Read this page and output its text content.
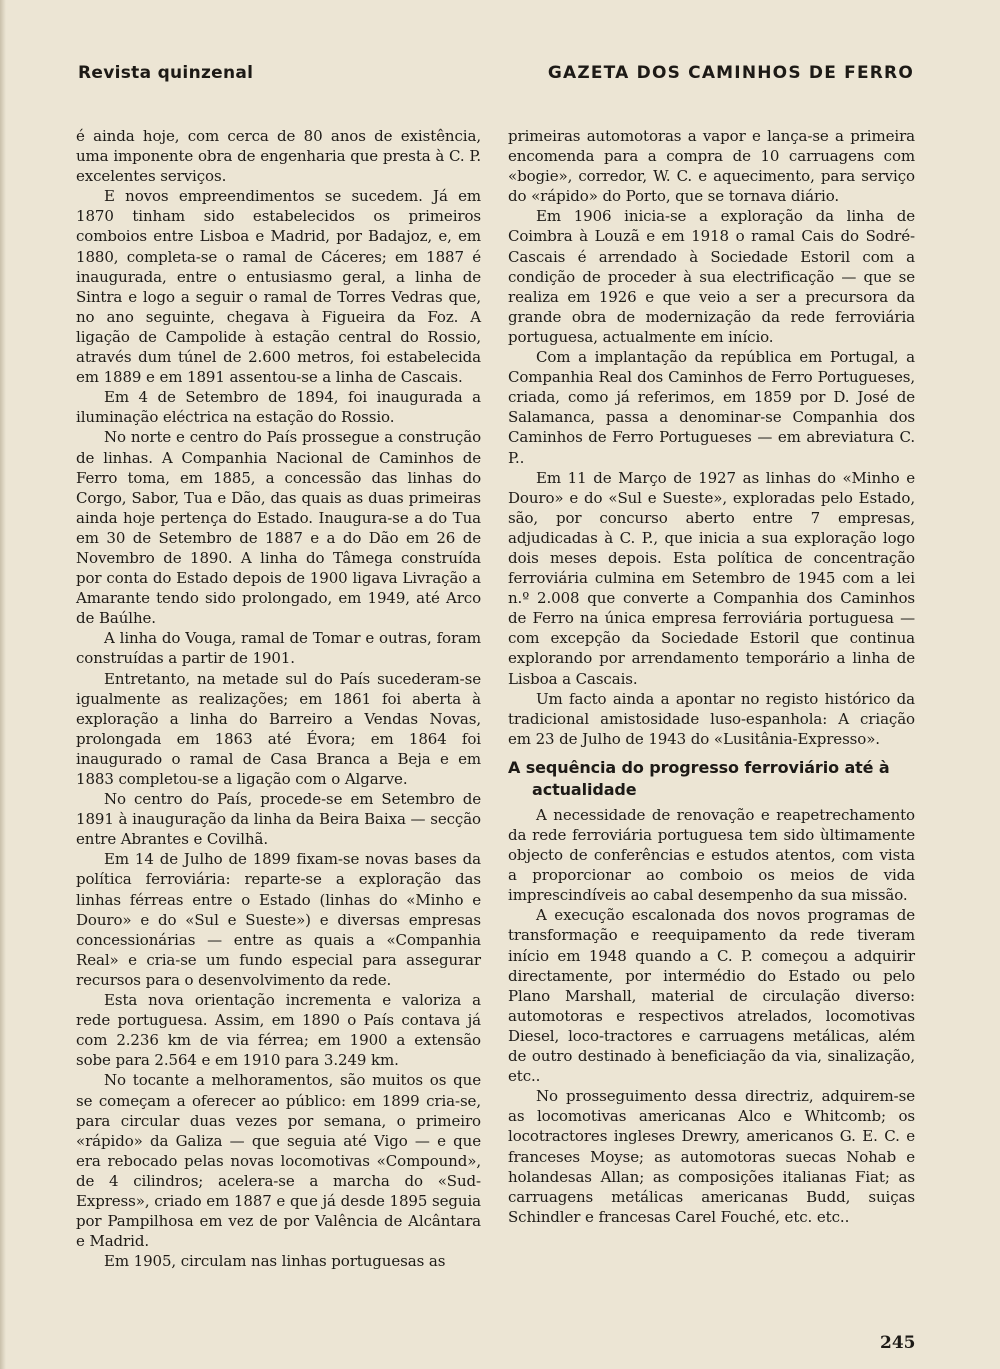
Revista quinzenal	GAZETA DOS CAMINHOS DE FERRO

é ainda hoje, com cerca de 80 anos de existência, uma imponente obra de engenharia que presta à C. P. excelentes serviços.

E novos empreendimentos se sucedem. Já em 1870 tinham sido estabelecidos os primeiros comboios entre Lisboa e Madrid, por Badajoz, e, em 1880, completa-se o ramal de Cáceres; em 1887 é inaugurada, entre o entusiasmo geral, a linha de Sintra e logo a seguir o ramal de Torres Vedras que, no ano seguinte, chegava à Figueira da Foz. A ligação de Campolide à estação central do Rossio, através dum túnel de 2.600 metros, foi estabelecida em 1889 e em 1891 assentou-se a linha de Cascais.

Em 4 de Setembro de 1894, foi inaugurada a iluminação eléctrica na estação do Rossio.

No norte e centro do País prossegue a construção de linhas. A Companhia Nacional de Caminhos de Ferro toma, em 1885, a concessão das linhas do Corgo, Sabor, Tua e Dão, das quais as duas primeiras ainda hoje pertença do Estado. Inaugura-se a do Tua em 30 de Setembro de 1887 e a do Dão em 26 de Novembro de 1890. A linha do Tâmega construída por conta do Estado depois de 1900 ligava Livração a Amarante tendo sido prolongado, em 1949, até Arco de Baúlhe.

A linha do Vouga, ramal de Tomar e outras, foram construídas a partir de 1901.

Entretanto, na metade sul do País sucederam-se igualmente as realizações; em 1861 foi aberta à exploração a linha do Barreiro a Vendas Novas, prolongada em 1863 até Évora; em 1864 foi inaugurado o ramal de Casa Branca a Beja e em 1883 completou-se a ligação com o Algarve.

No centro do País, procede-se em Setembro de 1891 à inauguração da linha da Beira Baixa — secção entre Abrantes e Covilhã.

Em 14 de Julho de 1899 fixam-se novas bases da política ferroviária: reparte-se a exploração das linhas férreas entre o Estado (linhas do «Minho e Douro» e do «Sul e Sueste») e diversas empresas concessionárias — entre as quais a «Companhia Real» e cria-se um fundo especial para assegurar recursos para o desenvolvimento da rede.

Esta nova orientação incrementa e valoriza a rede portuguesa. Assim, em 1890 o País contava já com 2.236 km de via férrea; em 1900 a extensão sobe para 2.564 e em 1910 para 3.249 km.

No tocante a melhoramentos, são muitos os que se começam a oferecer ao público: em 1899 cria-se, para circular duas vezes por semana, o primeiro «rápido» da Galiza — que seguia até Vigo — e que era rebocado pelas novas locomotivas «Compound», de 4 cilindros; acelera-se a marcha do «Sud-Express», criado em 1887 e que já desde 1895 seguia por Pampilhosa em vez de por Valência de Alcântara e Madrid.

Em 1905, circulam nas linhas portuguesas as

primeiras automotoras a vapor e lança-se a primeira encomenda para a compra de 10 carruagens com «bogie», corredor, W. C. e aquecimento, para serviço do «rápido» do Porto, que se tornava diário.

Em 1906 inicia-se a exploração da linha de Coimbra à Louzã e em 1918 o ramal Cais do Sodré-Cascais é arrendado à Sociedade Estoril com a condição de proceder à sua electrificação — que se realiza em 1926 e que veio a ser a precursora da grande obra de modernização da rede ferroviária portuguesa, actualmente em início.

Com a implantação da república em Portugal, a Companhia Real dos Caminhos de Ferro Portugueses, criada, como já referimos, em 1859 por D. José de Salamanca, passa a denominar-se Companhia dos Caminhos de Ferro Portugueses — em abreviatura C. P..

Em 11 de Março de 1927 as linhas do «Minho e Douro» e do «Sul e Sueste», exploradas pelo Estado, são, por concurso aberto entre 7 empresas, adjudicadas à C. P., que inicia a sua exploração logo dois meses depois. Esta política de concentração ferroviária culmina em Setembro de 1945 com a lei n.º 2.008 que converte a Companhia dos Caminhos de Ferro na única empresa ferroviária portuguesa — com excepção da Sociedade Estoril que continua explorando por arrendamento temporário a linha de Lisboa a Cascais.

Um facto ainda a apontar no registo histórico da tradicional amistosidade luso-espanhola: A criação em 23 de Julho de 1943 do «Lusitânia-Expresso».

A sequência do progresso ferroviário até à actualidade

A necessidade de renovação e reapetrechamento da rede ferroviária portuguesa tem sido ùltimamente objecto de conferências e estudos atentos, com vista a proporcionar ao comboio os meios de vida imprescindíveis ao cabal desempenho da sua missão.

A execução escalonada dos novos programas de transformação e reequipamento da rede tiveram início em 1948 quando a C. P. começou a adquirir directamente, por intermédio do Estado ou pelo Plano Marshall, material de circulação diverso: automotoras e respectivos atrelados, locomotivas Diesel, loco-tractores e carruagens metálicas, além de outro destinado à beneficiação da via, sinalização, etc..

No prosseguimento dessa directriz, adquirem-se as locomotivas americanas Alco e Whitcomb; os locotractores ingleses Drewry, americanos G. E. C. e franceses Moyse; as automotoras suecas Nohab e holandesas Allan; as composições italianas Fiat; as carruagens metálicas americanas Budd, suiças Schindler e francesas Carel Fouché, etc. etc..

245
